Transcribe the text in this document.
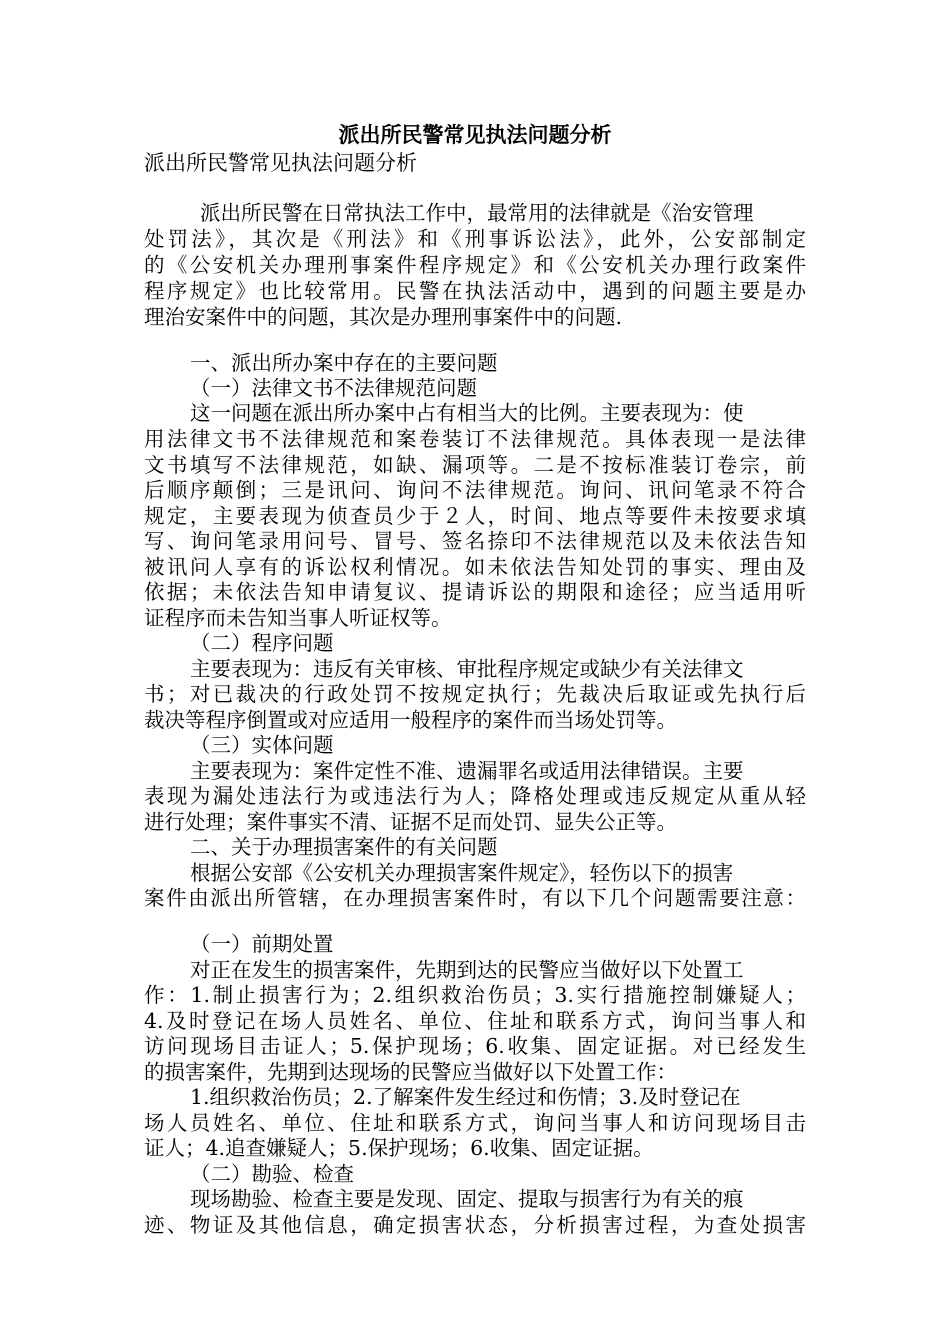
派出所民警常见执法问题分析
派出所民警常见执法问题分析
派出所民警在日常执法工作中，最常用的法律就是《治安管理
处罚法》，其次是《刑法》和《刑事诉讼法》，此外，公安部制定
的《公安机关办理刑事案件程序规定》和《公安机关办理行政案件
程序规定》也比较常用。民警在执法活动中，遇到的问题主要是办
理治安案件中的问题，其次是办理刑事案件中的问题.
一、派出所办案中存在的主要问题
（一）法律文书不法律规范问题
这一问题在派出所办案中占有相当大的比例。主要表现为：使
用法律文书不法律规范和案卷装订不法律规范。具体表现一是法律
文书填写不法律规范，如缺、漏项等。二是不按标准装订卷宗，前
后顺序颠倒；三是讯问、询问不法律规范。询问、讯问笔录不符合
规定，主要表现为侦查员少于２人，时间、地点等要件未按要求填
写、询问笔录用问号、冒号、签名捺印不法律规范以及未依法告知
被讯问人享有的诉讼权利情况。如未依法告知处罚的事实、理由及
依据；未依法告知申请复议、提请诉讼的期限和途径；应当适用听
证程序而未告知当事人听证权等。
（二）程序问题
主要表现为：违反有关审核、审批程序规定或缺少有关法律文
书；对已裁决的行政处罚不按规定执行；先裁决后取证或先执行后
裁决等程序倒置或对应适用一般程序的案件而当场处罚等。
（三）实体问题
主要表现为：案件定性不准、遗漏罪名或适用法律错误。主要
表现为漏处违法行为或违法行为人；降格处理或违反规定从重从轻
进行处理；案件事实不清、证据不足而处罚、显失公正等。
二、关于办理损害案件的有关问题
根据公安部《公安机关办理损害案件规定》，轻伤以下的损害
案件由派出所管辖，在办理损害案件时，有以下几个问题需要注意：
（一）前期处置
对正在发生的损害案件，先期到达的民警应当做好以下处置工
作：1.制止损害行为；2.组织救治伤员；3.实行措施控制嫌疑人；
4.及时登记在场人员姓名、单位、住址和联系方式，询问当事人和
访问现场目击证人；5.保护现场；6.收集、固定证据。对已经发生
的损害案件，先期到达现场的民警应当做好以下处置工作：
1.组织救治伤员；2.了解案件发生经过和伤情；3.及时登记在
场人员姓名、单位、住址和联系方式，询问当事人和访问现场目击
证人；4.追查嫌疑人；5.保护现场；6.收集、固定证据。
（二）勘验、检查
现场勘验、检查主要是发现、固定、提取与损害行为有关的痕
迹、物证及其他信息，确定损害状态，分析损害过程，为查处损害
